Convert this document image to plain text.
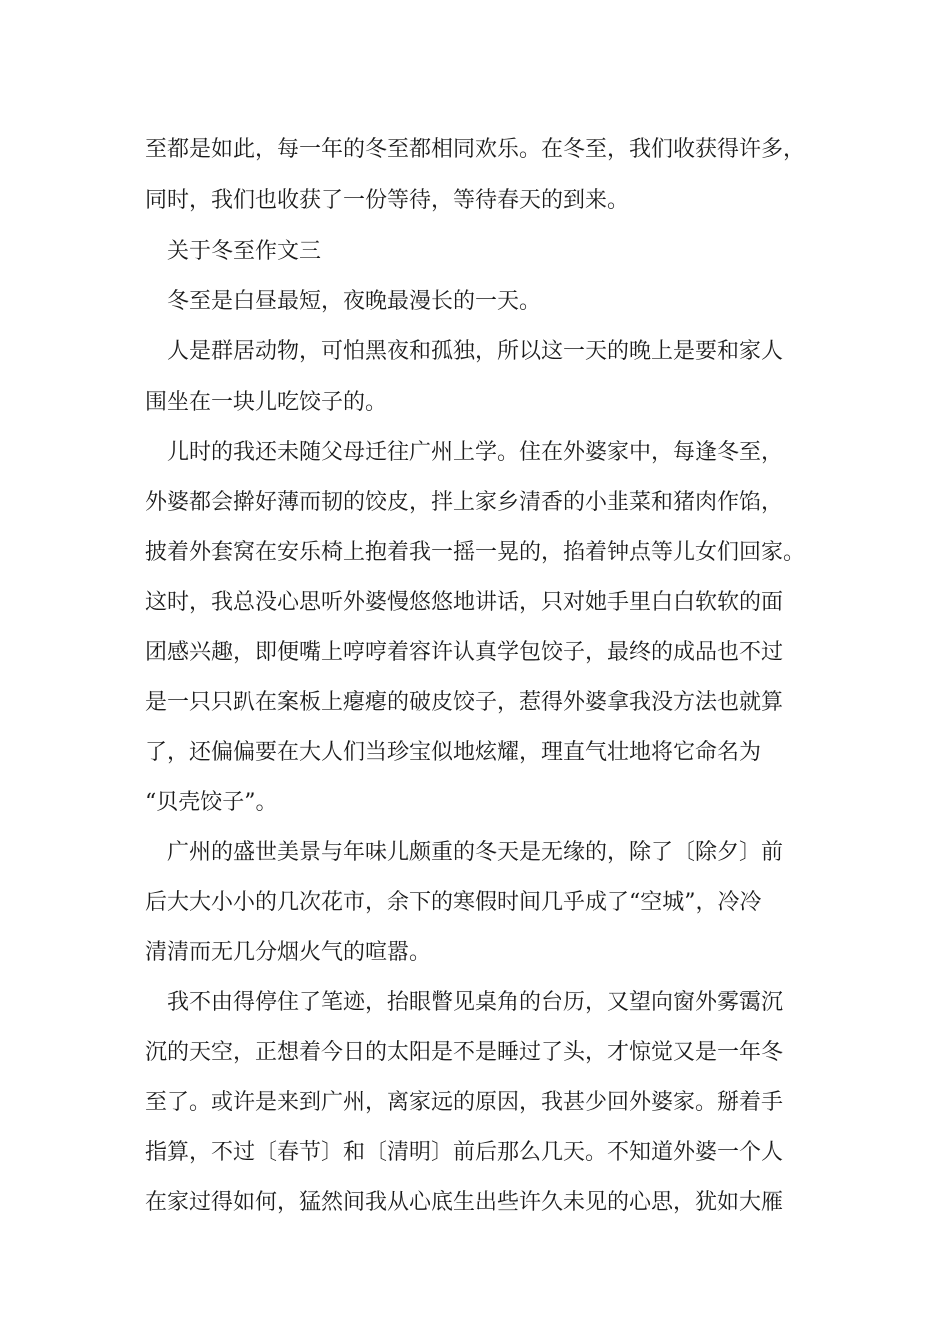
至都是如此，每一年的冬至都相同欢乐。在冬至，我们收获得许多，
同时，我们也收获了一份等待，等待春天的到来。
关于冬至作文三
冬至是白昼最短，夜晚最漫长的一天。
人是群居动物，可怕黑夜和孤独，所以这一天的晚上是要和家人
围坐在一块儿吃饺子的。
儿时的我还未随父母迁往广州上学。住在外婆家中，每逢冬至，
外婆都会擀好薄而韧的饺皮，拌上家乡清香的小韭菜和猪肉作馅，
披着外套窝在安乐椅上抱着我一摇一晃的，掐着钟点等儿女们回家。
这时，我总没心思听外婆慢悠悠地讲话，只对她手里白白软软的面
团感兴趣，即便嘴上哼哼着容许认真学包饺子，最终的成品也不过
是一只只趴在案板上瘪瘪的破皮饺子，惹得外婆拿我没方法也就算
了，还偏偏要在大人们当珍宝似地炫耀，理直气壮地将它命名为
“贝壳饺子”。
广州的盛世美景与年味儿颇重的冬天是无缘的，除了〔除夕〕前
后大大小小的几次花市，余下的寒假时间几乎成了“空城”，冷冷
清清而无几分烟火气的喧嚣。
我不由得停住了笔迹，抬眼瞥见桌角的台历，又望向窗外雾霭沉
沉的天空，正想着今日的太阳是不是睡过了头，才惊觉又是一年冬
至了。或许是来到广州，离家远的原因，我甚少回外婆家。掰着手
指算，不过〔春节〕和〔清明〕前后那么几天。不知道外婆一个人
在家过得如何，猛然间我从心底生出些许久未见的心思，犹如大雁
